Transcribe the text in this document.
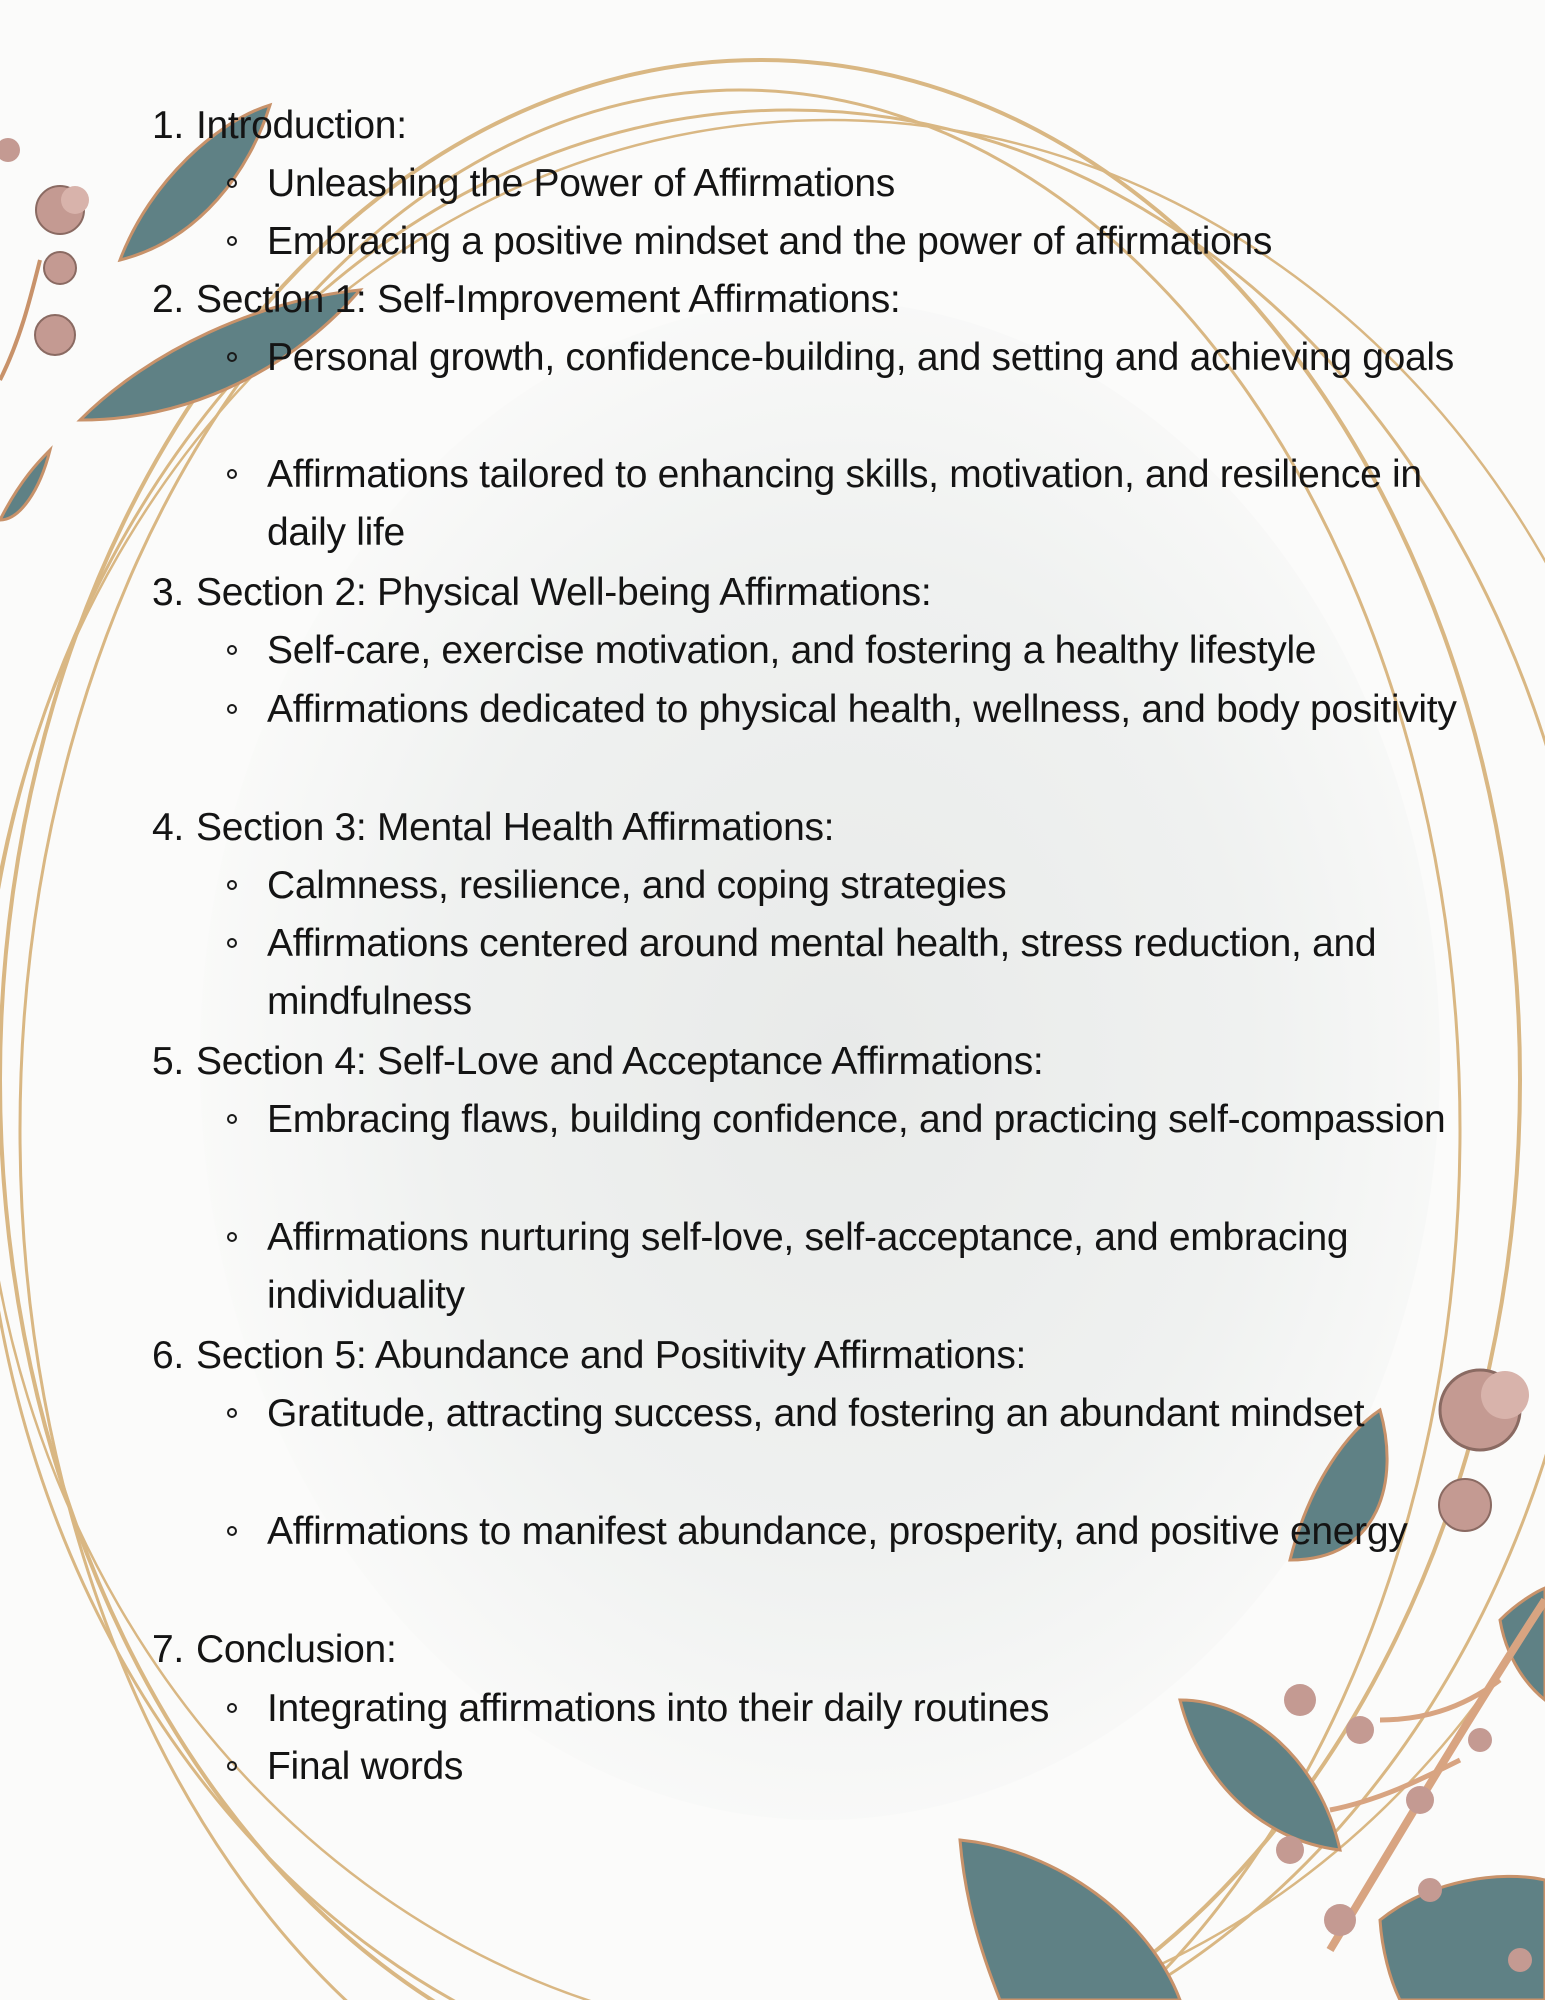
1. Introduction:
Unleashing the Power of Affirmations
Embracing a positive mindset and the power of affirmations
2. Section 1: Self-Improvement Affirmations:
Personal growth, confidence-building, and setting and achieving goals
Affirmations tailored to enhancing skills, motivation, and resilience in daily life
3. Section 2: Physical Well-being Affirmations:
Self-care, exercise motivation, and fostering a healthy lifestyle
Affirmations dedicated to physical health, wellness, and body positivity
4. Section 3: Mental Health Affirmations:
Calmness, resilience, and coping strategies
Affirmations centered around mental health, stress reduction, and mindfulness
5. Section 4: Self-Love and Acceptance Affirmations:
Embracing flaws, building confidence, and practicing self-compassion
Affirmations nurturing self-love, self-acceptance, and embracing individuality
6. Section 5: Abundance and Positivity Affirmations:
Gratitude, attracting success, and fostering an abundant mindset
Affirmations to manifest abundance, prosperity, and positive energy
7. Conclusion:
Integrating affirmations into their daily routines
Final words
